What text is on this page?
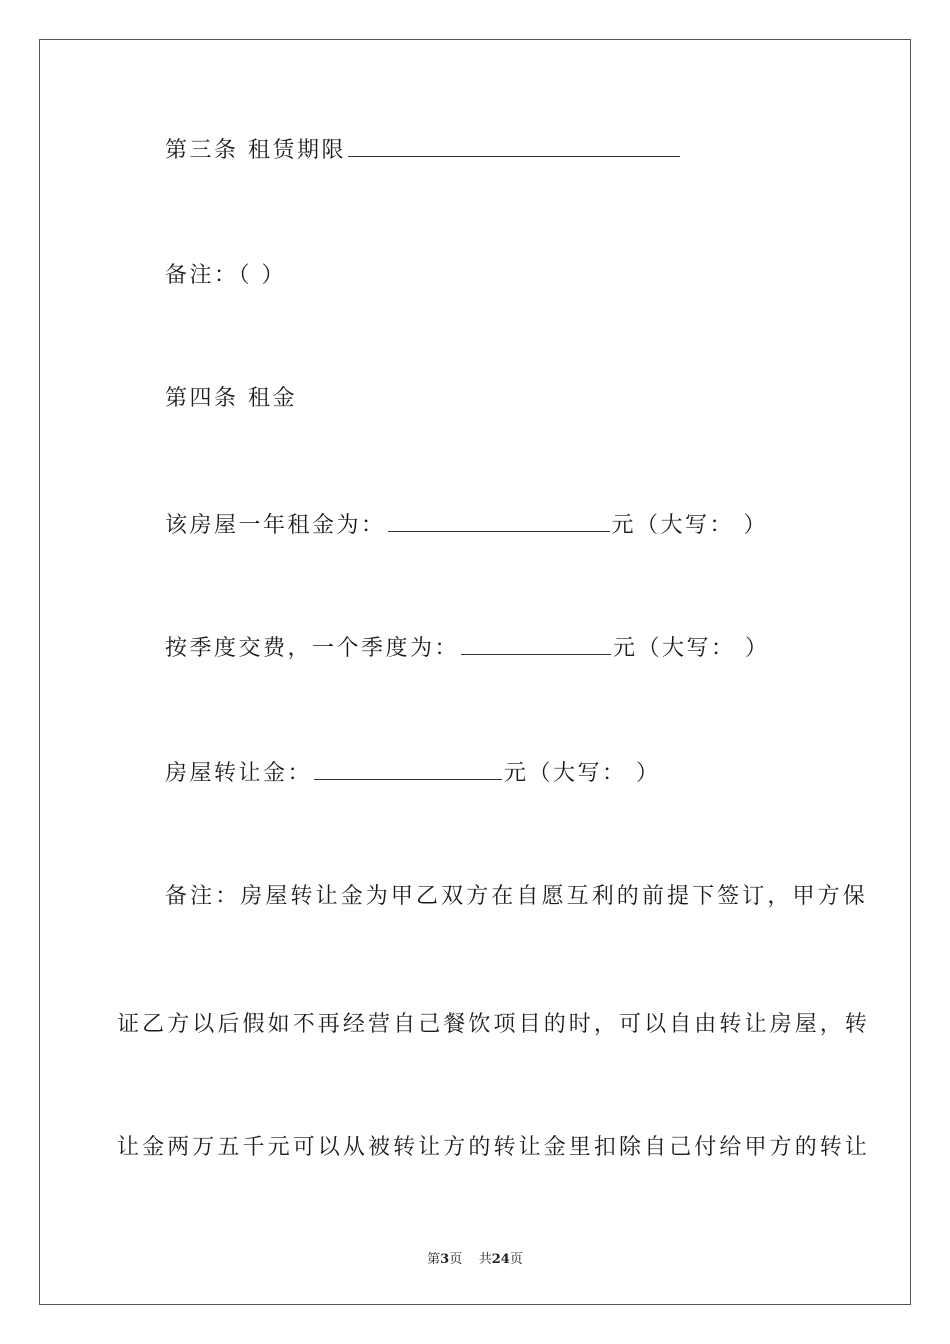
第三条 租赁期限
备注：（ ）
第四条 租金
该房屋一年租金为：	元（大写： ）
按季度交费，一个季度为：	元（大写： ）
房屋转让金：	元（大写： ）
备注：房屋转让金为甲乙双方在自愿互利的前提下签订，甲方保
证乙方以后假如不再经营自己餐饮项目的时，可以自由转让房屋，转
让金两万五千元可以从被转让方的转让金里扣除自己付给甲方的转让
第3页 共24页
